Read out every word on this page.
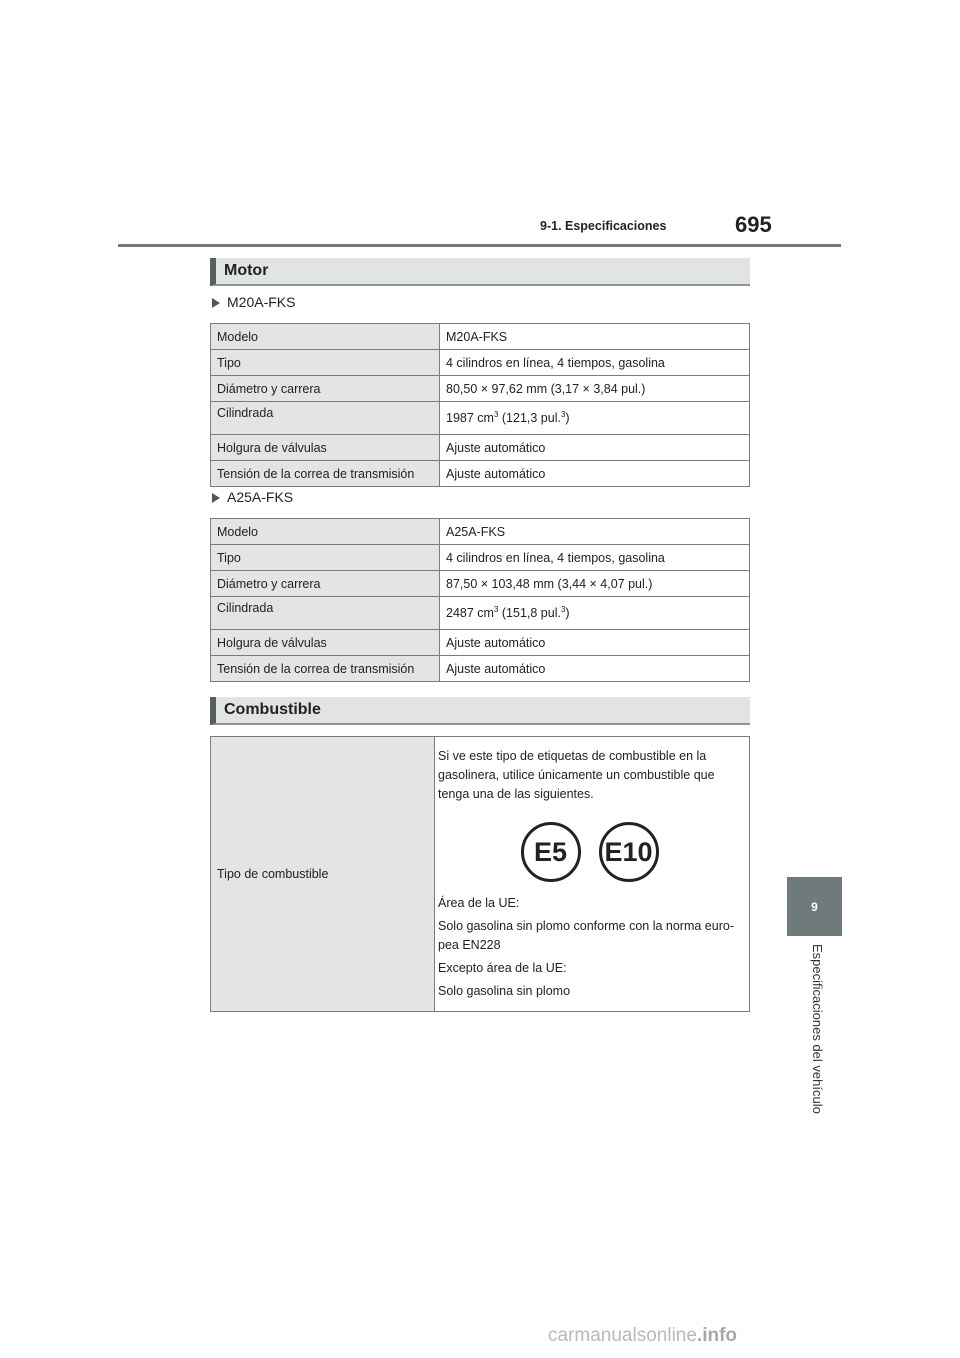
9-1. Especificaciones	695
9
Especificaciones del vehículo
Motor
M20A-FKS
Modelo	M20A-FKS
Tipo	4 cilindros en línea, 4 tiempos, gasolina
Diámetro y carrera	80,50 × 97,62 mm (3,17 × 3,84 pul.)
Cilindrada	1987 $cm^3$ (121,3 pul.$^3$)
Holgura de válvulas	Ajuste automático
Tensión de la correa de transmisión	Ajuste automático
A25A-FKS
Modelo	A25A-FKS
Tipo	4 cilindros en línea, 4 tiempos, gasolina
Diámetro y carrera	87,50 × 103,48 mm (3,44 × 4,07 pul.)
Cilindrada	2487 $cm^3$ (151,8 pul.$^3$)
Holgura de válvulas	Ajuste automático
Tensión de la correa de transmisión	Ajuste automático
Combustible
Tipo de combustible	

Si ve este tipo de etiquetas de combustible en la gasolinera, utilice únicamente un combustible que tenga una de las siguientes.

E5	E10

Área de la UE:

Solo gasolina sin plomo conforme con la norma euro-pea EN228

Excepto área de la UE:

Solo gasolina sin plomo

carmanualsonline.info
